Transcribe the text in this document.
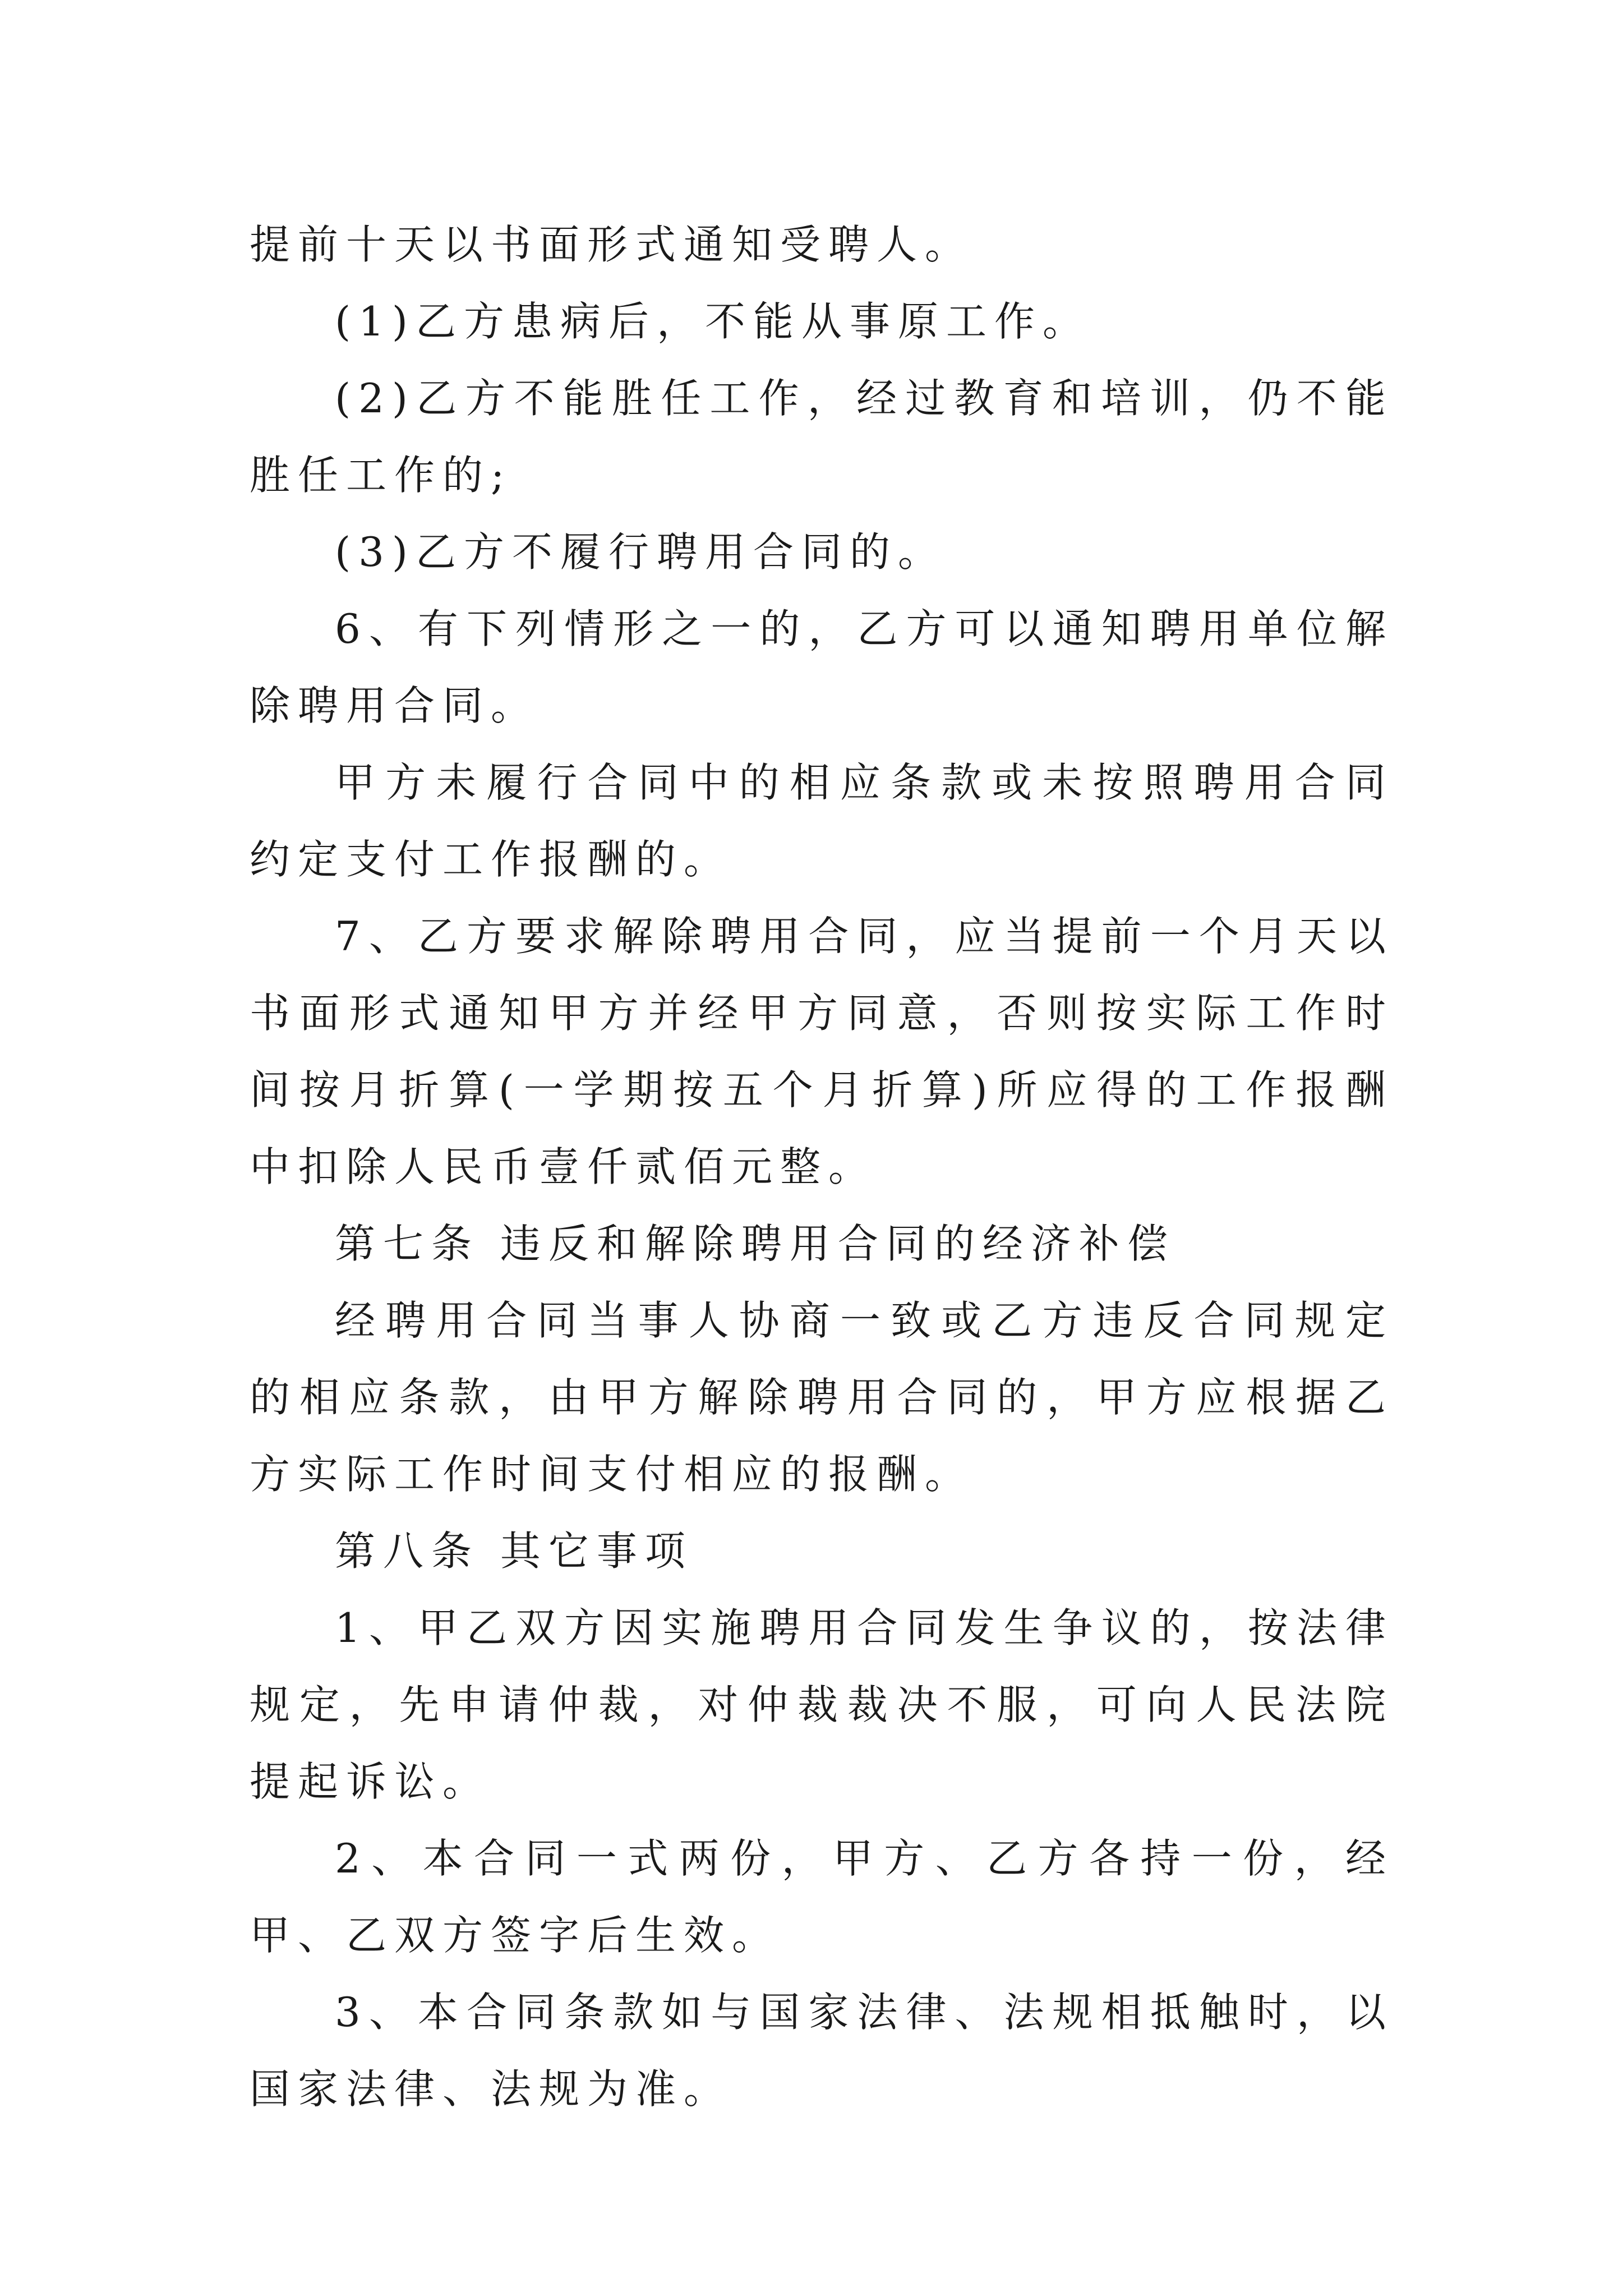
提前十天以书面形式通知受聘人。

(1)乙方患病后，不能从事原工作。

(2)乙方不能胜任工作，经过教育和培训，仍不能胜任工作的;

(3)乙方不履行聘用合同的。

6、有下列情形之一的，乙方可以通知聘用单位解除聘用合同。

甲方未履行合同中的相应条款或未按照聘用合同约定支付工作报酬的。

7、乙方要求解除聘用合同，应当提前一个月天以书面形式通知甲方并经甲方同意，否则按实际工作时间按月折算(一学期按五个月折算)所应得的工作报酬中扣除人民币壹仟贰佰元整。

第七条 违反和解除聘用合同的经济补偿

经聘用合同当事人协商一致或乙方违反合同规定的相应条款，由甲方解除聘用合同的，甲方应根据乙方实际工作时间支付相应的报酬。

第八条 其它事项

1、甲乙双方因实施聘用合同发生争议的，按法律规定，先申请仲裁，对仲裁裁决不服，可向人民法院提起诉讼。

2、本合同一式两份，甲方、乙方各持一份，经甲、乙双方签字后生效。

3、本合同条款如与国家法律、法规相抵触时，以国家法律、法规为准。
